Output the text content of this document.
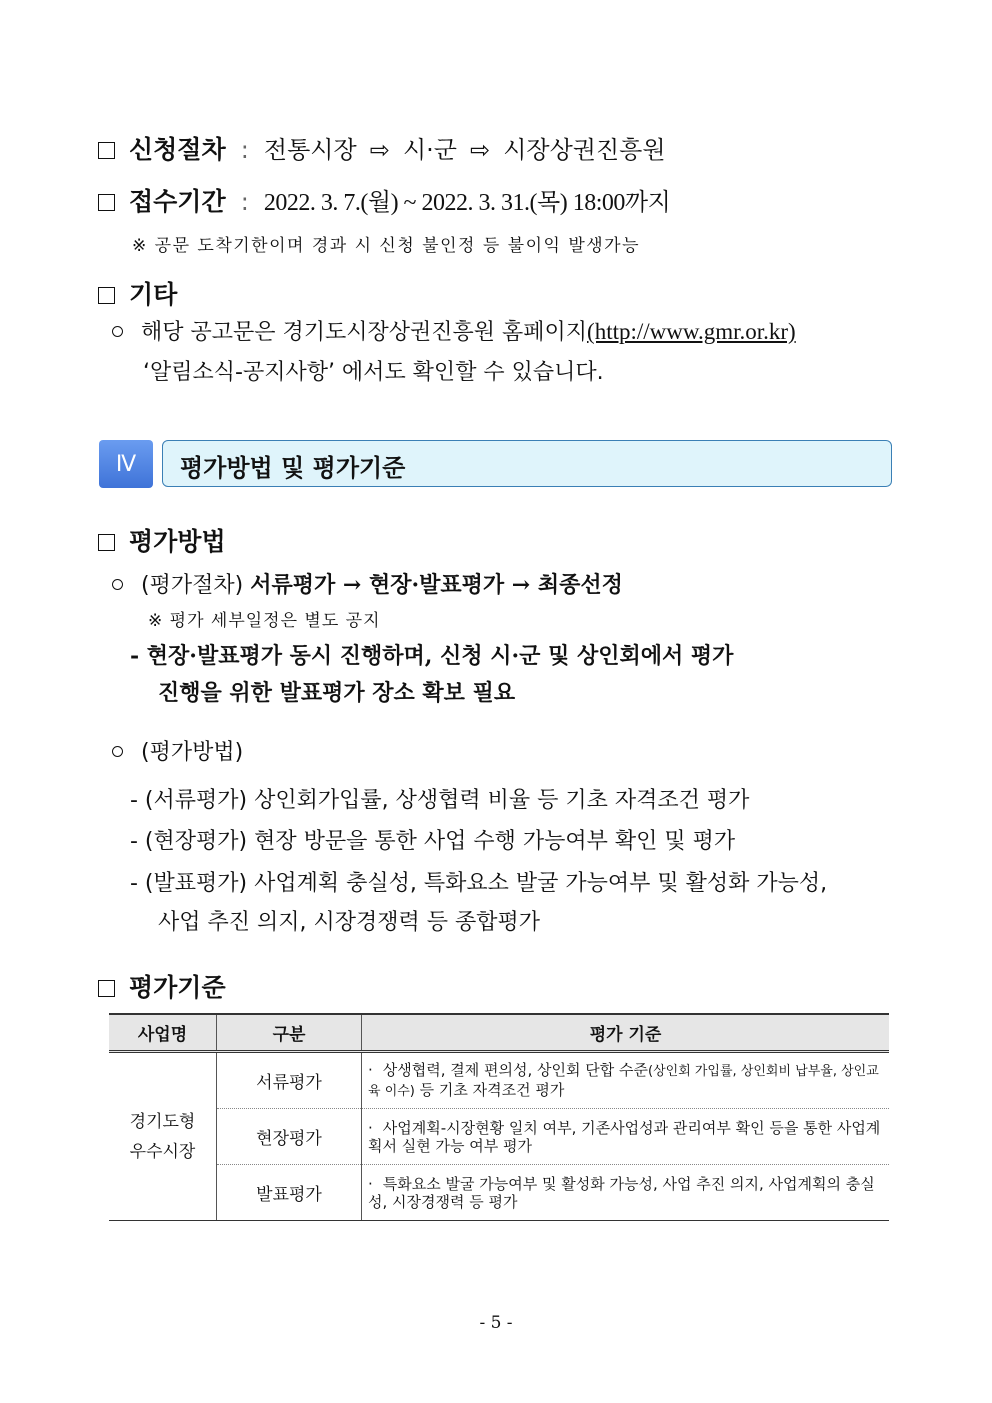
신청절차 : 전통시장 ⇨ 시·군 ⇨ 시장상권진흥원
접수기간 : 2022. 3. 7.(월) ~ 2022. 3. 31.(목) 18:00까지
※ 공문 도착기한이며 경과 시 신청 불인정 등 불이익 발생가능
기타
해당 공고문은 경기도시장상권진흥원 홈페이지(http://www.gmr.or.kr)
‘알림소식-공지사항’ 에서도 확인할 수 있습니다.
Ⅳ	평가방법 및 평가기준
평가방법
(평가절차) 서류평가 → 현장·발표평가 → 최종선정
※ 평가 세부일정은 별도 공지
- 현장·발표평가 동시 진행하며, 신청 시·군 및 상인회에서 평가
진행을 위한 발표평가 장소 확보 필요
(평가방법)
- (서류평가) 상인회가입률, 상생협력 비율 등 기초 자격조건 평가
- (현장평가) 현장 방문을 통한 사업 수행 가능여부 확인 및 평가
- (발표평가) 사업계획 충실성, 특화요소 발굴 가능여부 및 활성화 가능성,
사업 추진 의지, 시장경쟁력 등 종합평가
평가기준
사업명	구분	평가 기준
경기도형
우수시장	서류평가	· 상생협력, 결제 편의성, 상인회 단합 수준(상인회 가입률, 상인회비 납부율, 상인교육 이수) 등 기초 자격조건 평가
	현장평가	· 사업계획-시장현황 일치 여부, 기존사업성과 관리여부 확인 등을 통한 사업계획서 실현 가능 여부 평가
	발표평가	· 특화요소 발굴 가능여부 및 활성화 가능성, 사업 추진 의지, 사업계획의 충실성, 시장경쟁력 등 평가
- 5 -
